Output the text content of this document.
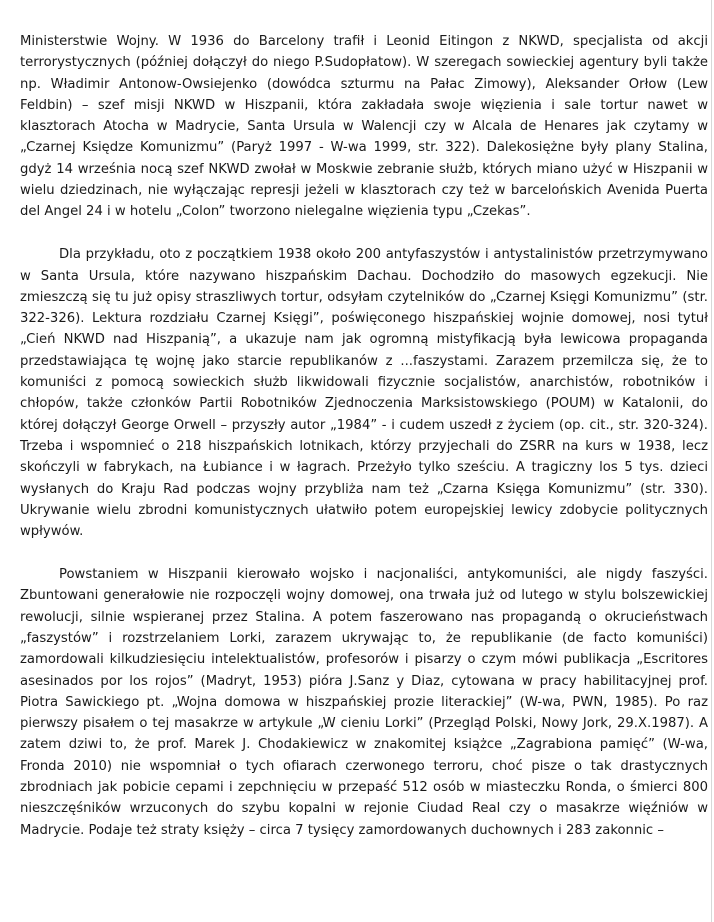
Ministerstwie Wojny. W 1936 do Barcelony trafił i Leonid Eitingon z NKWD, specjalista od akcji terrorystycznych (później dołączył do niego P.Sudopłatow). W szeregach sowieckiej agentury byli także np. Władimir Antonow-Owsiejenko (dowódca szturmu na Pałac Zimowy), Aleksander Orłow (Lew Feldbin) – szef misji NKWD w Hiszpanii, która zakładała swoje więzienia i sale tortur nawet w klasztorach Atocha w Madrycie, Santa Ursula w Walencji czy w Alcala de Henares jak czytamy w „Czarnej Księdze Komunizmu” (Paryż 1997 - W-wa 1999, str. 322). Dalekosiężne były plany Stalina, gdyż 14 września nocą szef NKWD zwołał w Moskwie zebranie służb, których miano użyć w Hiszpanii w wielu dziedzinach, nie wyłączając represji jeżeli w klasztorach czy też w barcelońskich Avenida Puerta del Angel 24 i w hotelu „Colon” tworzono nielegalne więzienia typu „Czekas”.

Dla przykładu, oto z początkiem 1938 około 200 antyfaszystów i antystalinistów przetrzymywano w Santa Ursula, które nazywano hiszpańskim Dachau. Dochodziło do masowych egzekucji. Nie zmieszczą się tu już opisy straszliwych tortur, odsyłam czytelników do „Czarnej Księgi Komunizmu” (str. 322-326). Lektura rozdziału Czarnej Księgi”, poświęconego hiszpańskiej wojnie domowej, nosi tytuł „Cień NKWD nad Hiszpanią”, a ukazuje nam jak ogromną mistyfikacją była lewicowa propaganda przedstawiająca tę wojnę jako starcie republikanów z ...faszystami. Zarazem przemilcza się, że to komuniści z pomocą sowieckich służb likwidowali fizycznie socjalistów, anarchistów, robotników i chłopów, także członków Partii Robotników Zjednoczenia Marksistowskiego (POUM) w Katalonii, do której dołączył George Orwell – przyszły autor „1984” - i cudem uszedł z życiem (op. cit., str. 320-324). Trzeba i wspomnieć o 218 hiszpańskich lotnikach, którzy przyjechali do ZSRR na kurs w 1938, lecz skończyli w fabrykach, na Łubiance i w łagrach. Przeżyło tylko sześciu. A tragiczny los 5 tys. dzieci wysłanych do Kraju Rad podczas wojny przybliża nam też „Czarna Księga Komunizmu” (str. 330). Ukrywanie wielu zbrodni komunistycznych ułatwiło potem europejskiej lewicy zdobycie politycznych wpływów.

Powstaniem w Hiszpanii kierowało wojsko i nacjonaliści, antykomuniści, ale nigdy faszyści. Zbuntowani generałowie nie rozpoczęli wojny domowej, ona trwała już od lutego w stylu bolszewickiej rewolucji, silnie wspieranej przez Stalina. A potem faszerowano nas propagandą o okrucieństwach „faszystów” i rozstrzelaniem Lorki, zarazem ukrywając to, że republikanie (de facto komuniści) zamordowali kilkudziesięciu intelektualistów, profesorów i pisarzy o czym mówi publikacja „Escritores asesinados por los rojos” (Madryt, 1953) pióra J.Sanz y Diaz, cytowana w pracy habilitacyjnej prof. Piotra Sawickiego pt. „Wojna domowa w hiszpańskiej prozie literackiej” (W-wa, PWN, 1985). Po raz pierwszy pisałem o tej masakrze w artykule „W cieniu Lorki” (Przegląd Polski, Nowy Jork, 29.X.1987). A zatem dziwi to, że prof. Marek J. Chodakiewicz w znakomitej książce „Zagrabiona pamięć” (W-wa, Fronda 2010) nie wspomniał o tych ofiarach czerwonego terroru, choć pisze o tak drastycznych zbrodniach jak pobicie cepami i zepchnięciu w przepaść 512 osób w miasteczku Ronda, o śmierci 800 nieszczęśników wrzuconych do szybu kopalni w rejonie Ciudad Real czy o masakrze więźniów w Madrycie. Podaje też straty księży – circa 7 tysięcy zamordowanych duchownych i 283 zakonnic –
